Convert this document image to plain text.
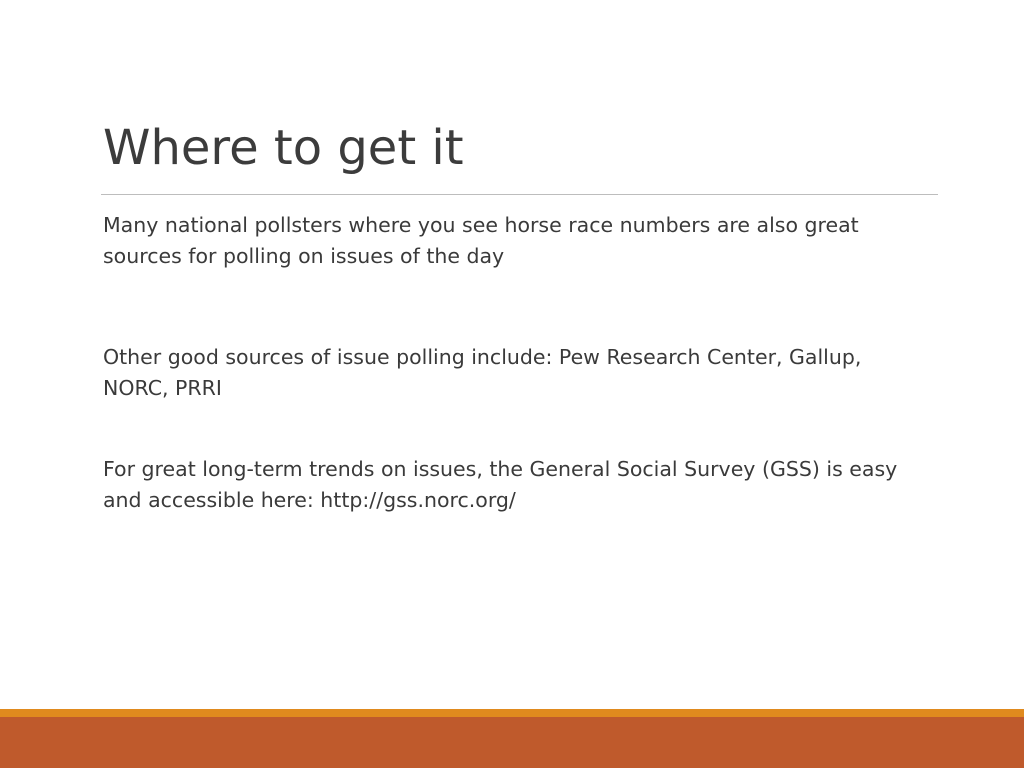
Where to get it

Many national pollsters where you see horse race numbers are also great sources for polling on issues of the day

Other good sources of issue polling include: Pew Research Center, Gallup, NORC, PRRI

For great long-term trends on issues, the General Social Survey (GSS) is easy and accessible here: http://gss.norc.org/
